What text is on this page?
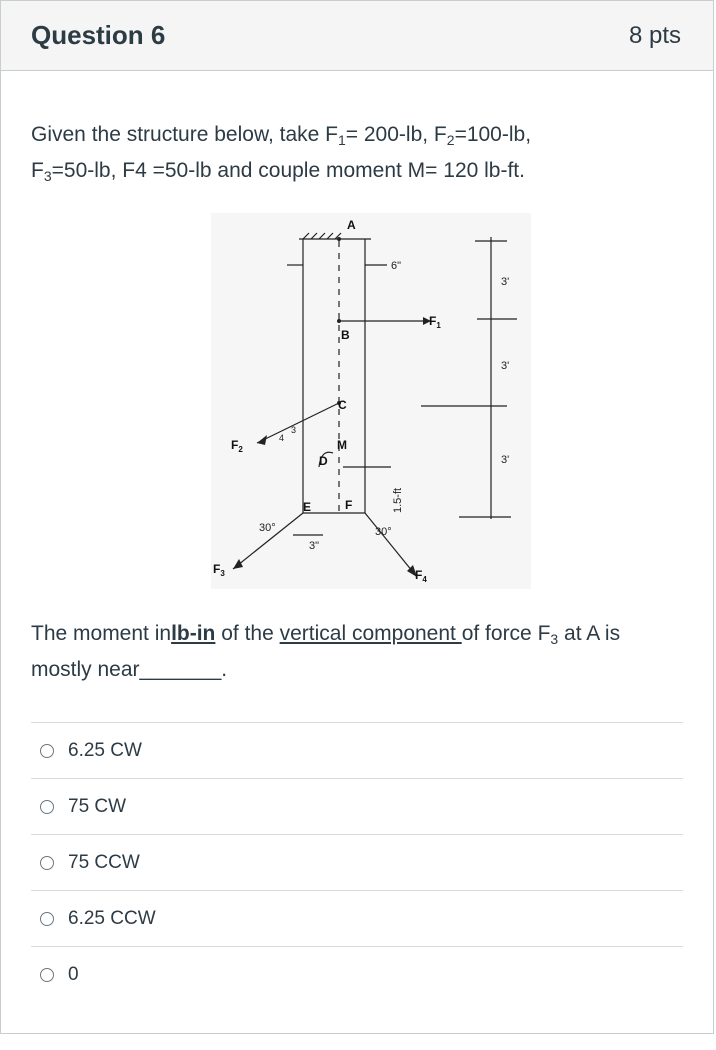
Question 6	8 pts
Given the structure below, take $F_1= 200-lb$, $F_2=100-lb$,
$F_3=50-lb$, F4 =50-lb and couple moment M= 120 lb-ft.
A
B
C
D
M
E	F
$F_1$
$F_2$
$F_3$	$F_4$
6"
3'
3'
3'
1.5-ft
30°	30°
3"
3
4
The moment inlb-in of the vertical component of force $F_3$ at A is mostly near_______.
6.25 CW
75 CW
75 CCW
6.25 CCW
0
